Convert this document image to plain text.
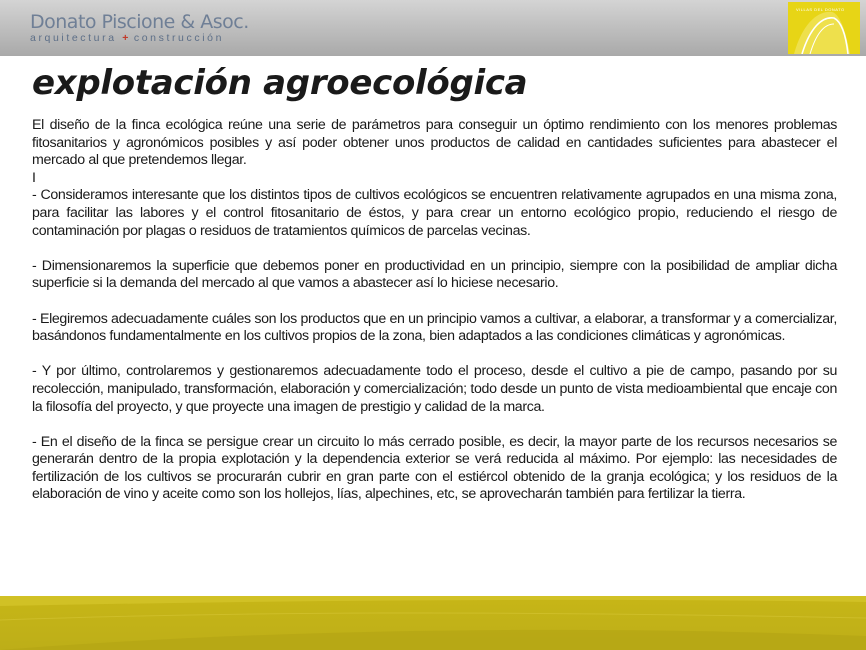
Donato Piscione & Asoc.
arquitectura + construcción
VILLAS DEL DONATO
explotación agroecológica

El diseño de la finca ecológica reúne una serie de parámetros para conseguir un óptimo rendimiento con los menores problemas fitosanitarios y agronómicos posibles y así poder obtener unos productos de calidad en cantidades suficientes para abastecer el mercado al que pretendemos llegar.

I

- Consideramos interesante que los distintos tipos de cultivos ecológicos se encuentren relativamente agrupados en una misma zona, para facilitar las labores y el control fitosanitario de éstos, y para crear un entorno ecológico propio, reduciendo el riesgo de contaminación por plagas o residuos de tratamientos químicos de parcelas vecinas.

- Dimensionaremos la superficie que debemos poner en productividad en un principio, siempre con la posibilidad de ampliar dicha superficie si la demanda del mercado al que vamos a abastecer así lo hiciese necesario.

- Elegiremos adecuadamente cuáles son los productos que en un principio vamos a cultivar, a elaborar, a transformar y a comercializar, basándonos fundamentalmente en los cultivos propios de la zona, bien adaptados a las condiciones climáticas y agronómicas.

- Y por último, controlaremos y gestionaremos adecuadamente todo el proceso, desde el cultivo a pie de campo, pasando por su recolección, manipulado, transformación, elaboración y comercialización; todo desde un punto de vista medioambiental que encaje con la filosofía del proyecto, y que proyecte una imagen de prestigio y calidad de la marca.

- En el diseño de la finca se persigue crear un circuito lo más cerrado posible, es decir, la mayor parte de los recursos necesarios se generarán dentro de la propia explotación y la dependencia exterior se verá reducida al máximo. Por ejemplo: las necesidades de fertilización de los cultivos se procurarán cubrir en gran parte con el estiércol obtenido de la granja ecológica; y los residuos de la elaboración de vino y aceite como son los hollejos, lías, alpechines, etc, se aprovecharán también para fertilizar la tierra.
